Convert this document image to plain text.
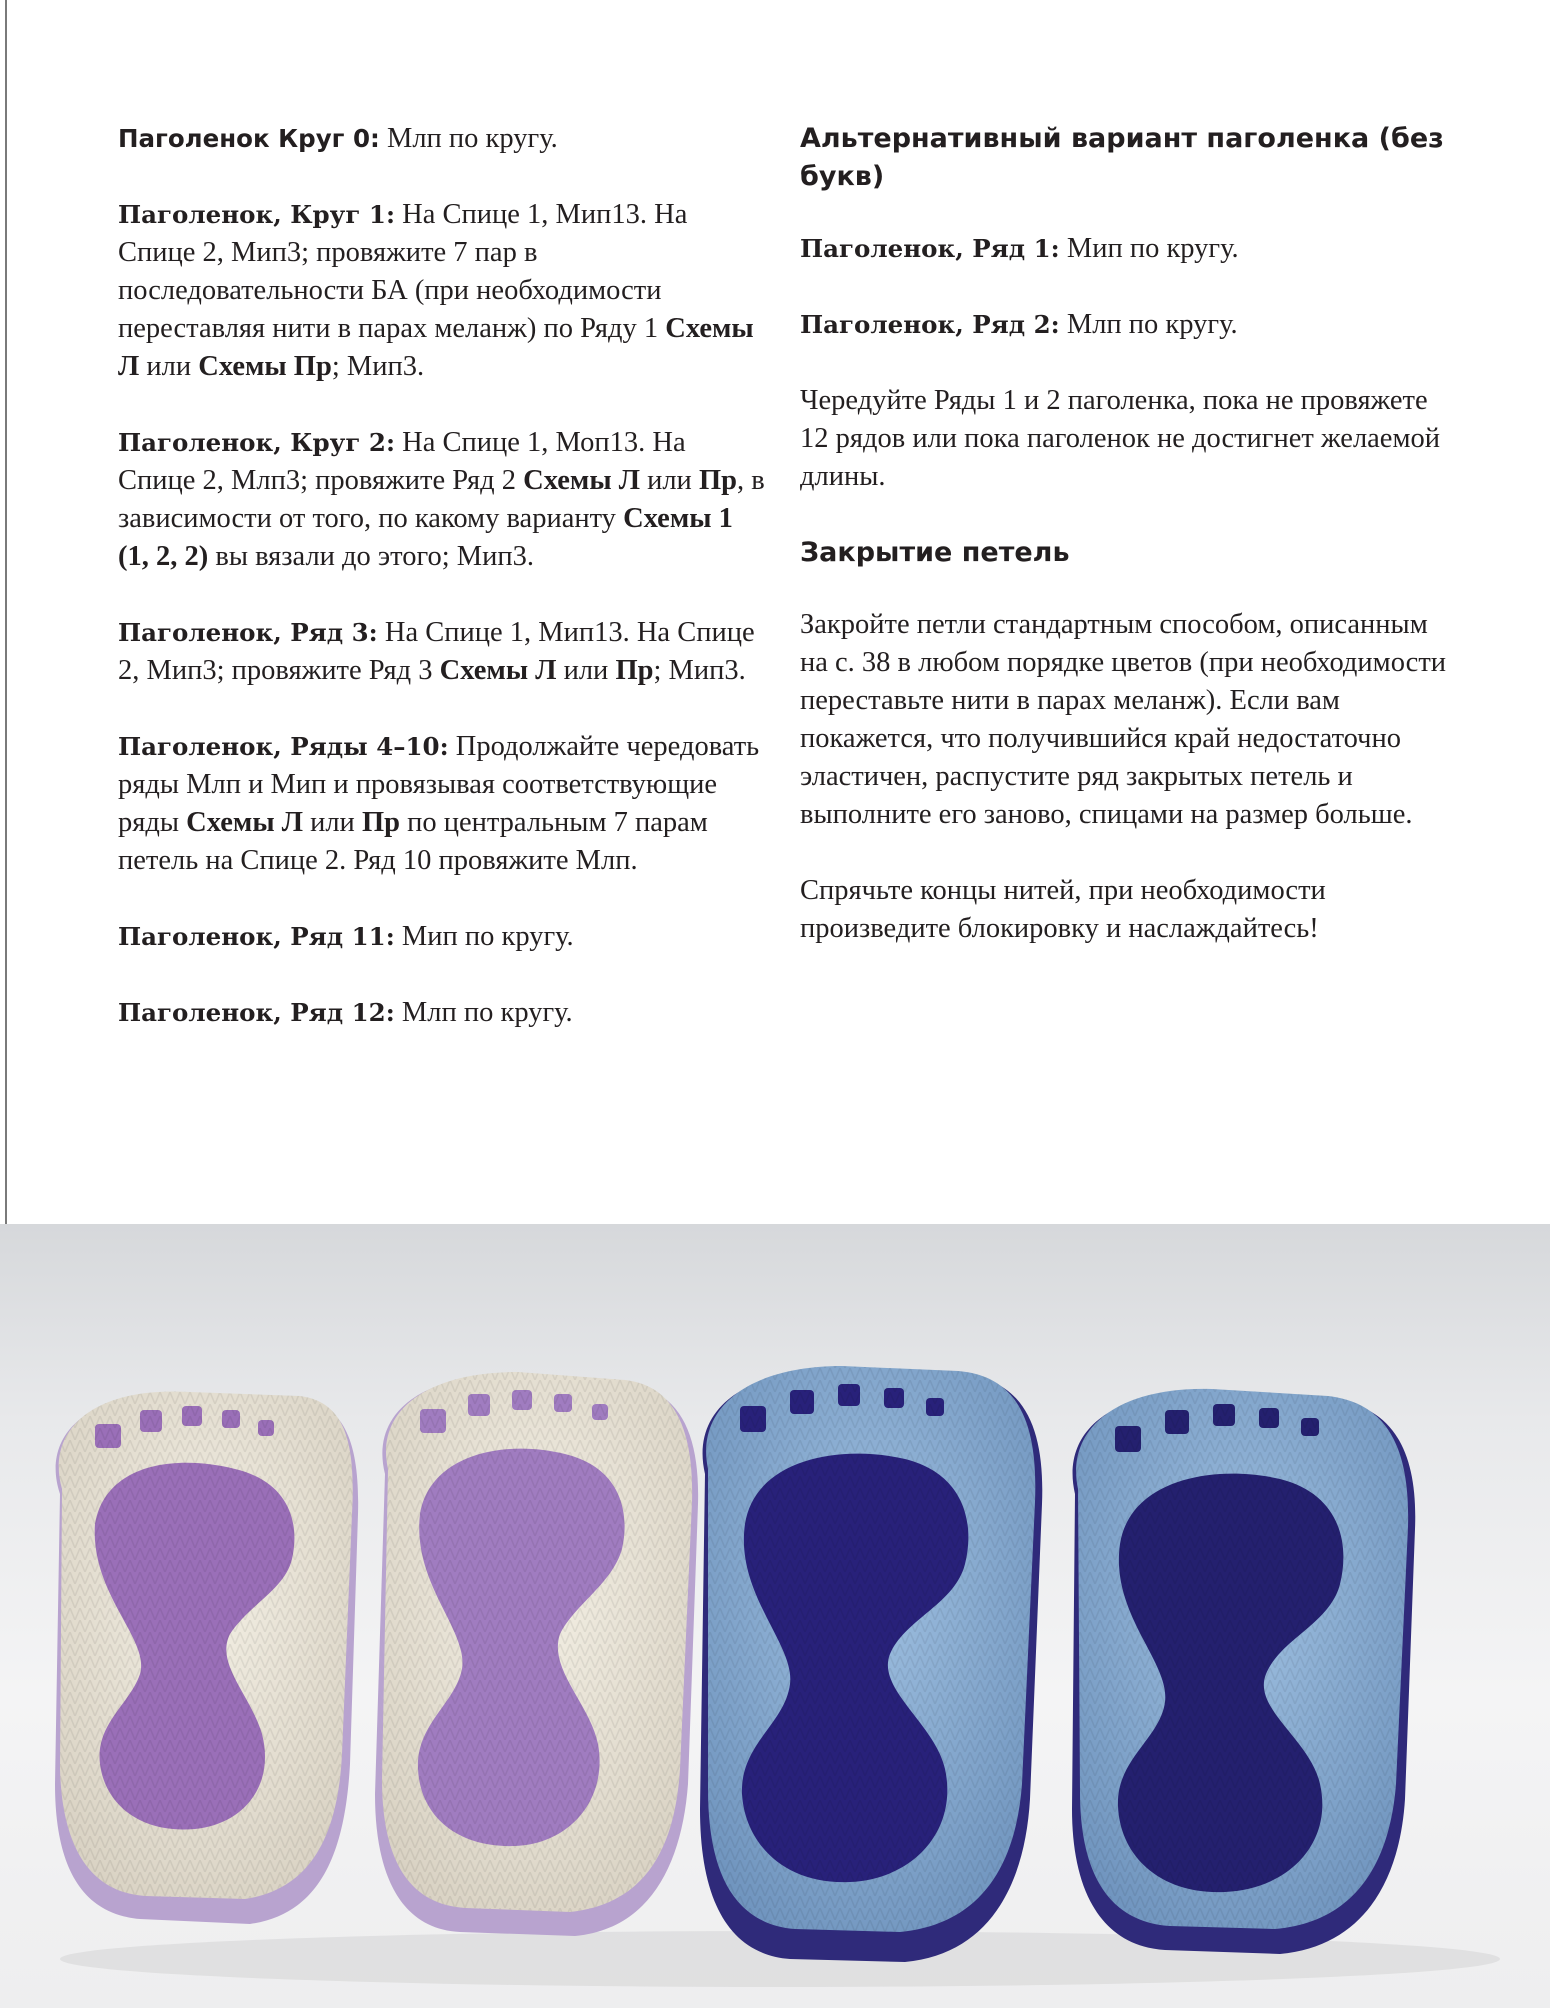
Паголенок Круг 0: Млп по кругу.

Паголенок, Круг 1: На Спице 1, Мип13. На Спице 2, Мип3; провяжите 7 пар в последовательности БА (при необходимости переставляя нити в парах меланж) по Ряду 1 Схемы Л или Схемы Пр; Мип3.

Паголенок, Круг 2: На Спице 1, Моп13. На Спице 2, Млп3; провяжите Ряд 2 Схемы Л или Пр, в зависимости от того, по какому варианту Схемы 1 (1, 2, 2) вы вязали до этого; Мип3.

Паголенок, Ряд 3: На Спице 1, Мип13. На Спице 2, Мип3; провяжите Ряд 3 Схемы Л или Пр; Мип3.

Паголенок, Ряды 4–10: Продолжайте чередовать ряды Млп и Мип и провязывая соответствующие ряды Схемы Л или Пр по центральным 7 парам петель на Спице 2. Ряд 10 провяжите Млп.

Паголенок, Ряд 11: Мип по кругу.

Паголенок, Ряд 12: Млп по кругу.

Альтернативный вариант паголенка (без букв)

Паголенок, Ряд 1: Мип по кругу.

Паголенок, Ряд 2: Млп по кругу.

Чередуйте Ряды 1 и 2 паголенка, пока не провяжете 12 рядов или пока паголенок не достигнет желаемой длины.

Закрытие петель

Закройте петли стандартным способом, описанным на с. 38 в любом порядке цветов (при необходимости переставьте нити в парах меланж). Если вам покажется, что получившийся край недостаточно эластичен, распустите ряд закрытых петель и выполните его заново, спицами на размер больше.

Спрячьте концы нитей, при необходимости произведите блокировку и наслаждайтесь!
